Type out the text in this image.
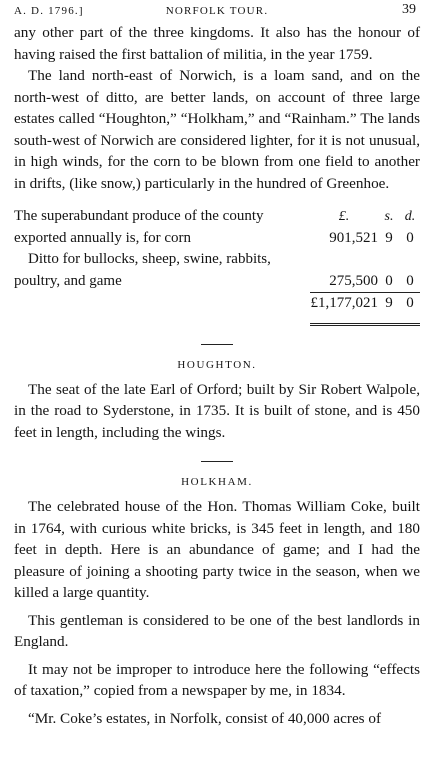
A. D. 1796.]	NORFOLK TOUR.	39

any other part of the three kingdoms. It also has the honour of having raised the first battalion of militia, in the year 1759.

The land north-east of Norwich, is a loam sand, and on the north-west of ditto, are better lands, on account of three large estates called “Houghton,” “Holkham,” and “Rainham.” The lands south-west of Norwich are considered lighter, for it is not unusual, in high winds, for the corn to be blown from one field to another in drifts, (like snow,) particularly in the hundred of Greenhoe.

The superabundant produce of the county	£.	s.	d.
exported annually is, for corn	901,521	9	0
Ditto for bullocks, sheep, swine, rabbits,			
poultry, and game	275,500	0	0
	£1,177,021	9	0

HOUGHTON.

The seat of the late Earl of Orford; built by Sir Robert Walpole, in the road to Syderstone, in 1735. It is built of stone, and is 450 feet in length, including the wings.

HOLKHAM.

The celebrated house of the Hon. Thomas William Coke, built in 1764, with curious white bricks, is 345 feet in length, and 180 feet in depth. Here is an abundance of game; and I had the pleasure of joining a shooting party twice in the season, when we killed a large quantity.

This gentleman is considered to be one of the best landlords in England.

It may not be improper to introduce here the following “effects of taxation,” copied from a newspaper by me, in 1834.

“Mr. Coke’s estates, in Norfolk, consist of 40,000 acres of
